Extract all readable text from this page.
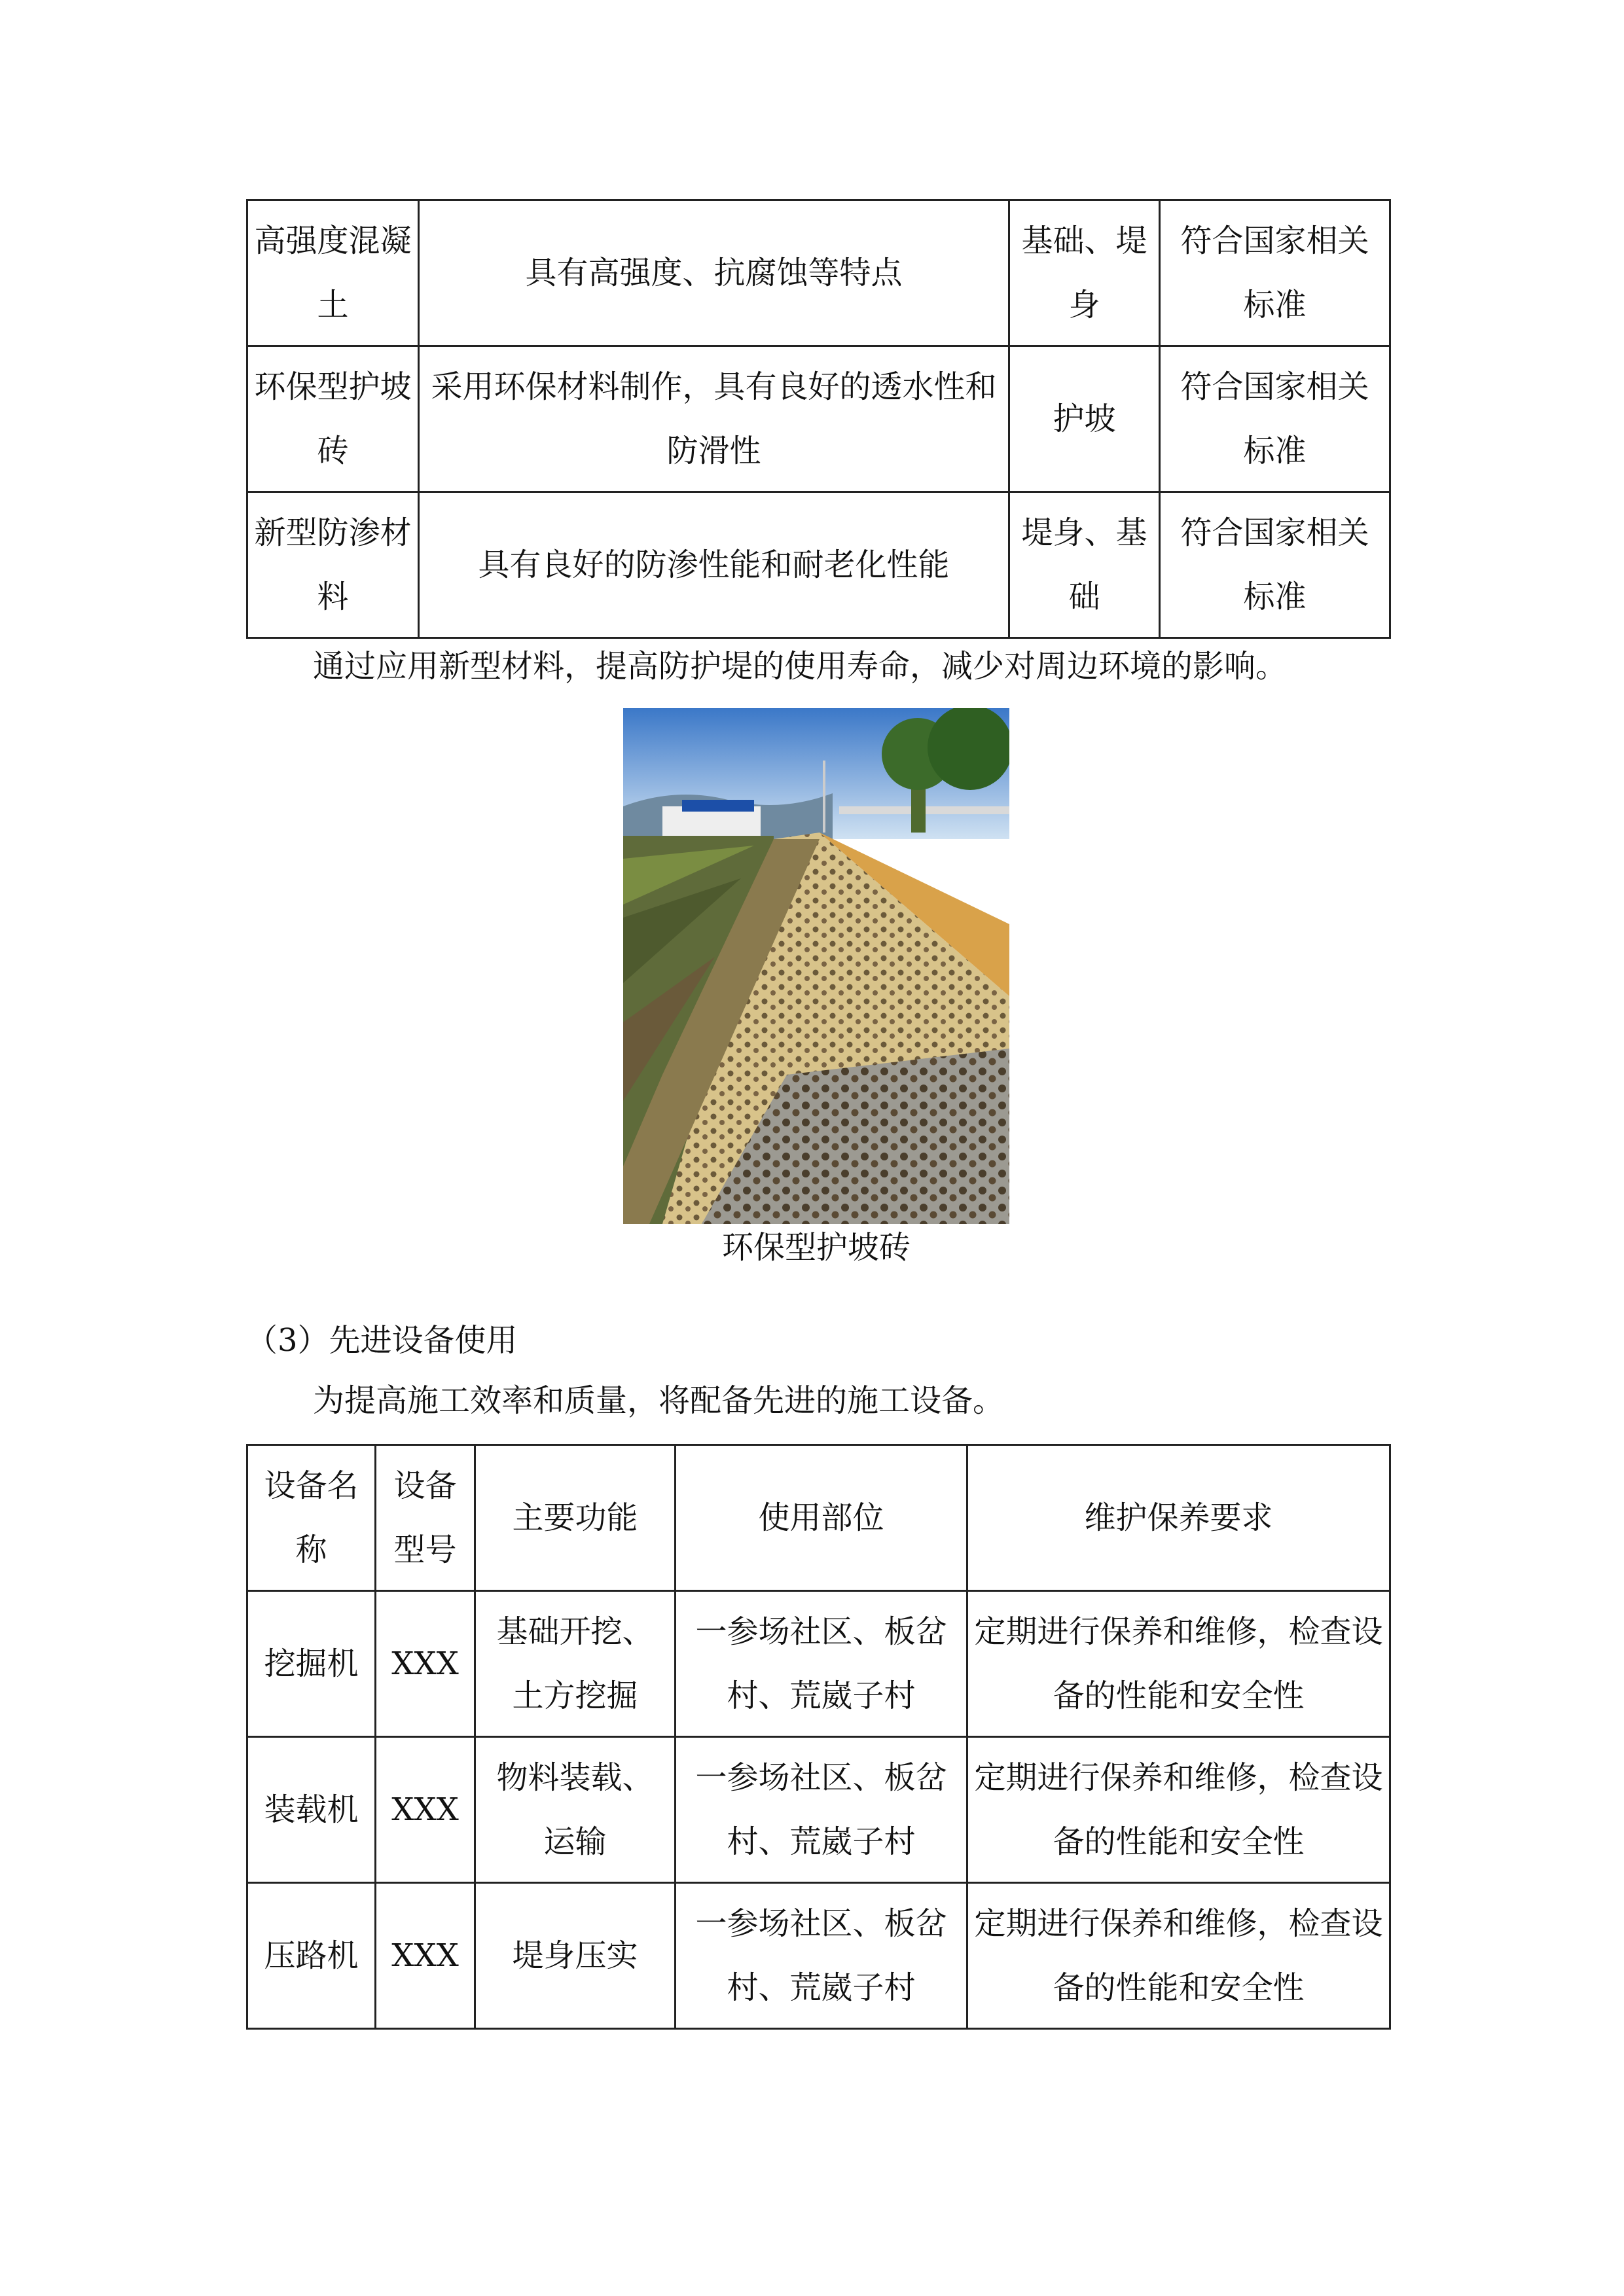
高强度混凝土	具有高强度、抗腐蚀等特点	基础、堤身	符合国家相关标准
环保型护坡砖	采用环保材料制作，具有良好的透水性和防滑性	护坡	符合国家相关标准
新型防渗材料	具有良好的防渗性能和耐老化性能	堤身、基础	符合国家相关标准
通过应用新型材料，提高防护堤的使用寿命，减少对周边环境的影响。
环保型护坡砖
（3）先进设备使用
为提高施工效率和质量，将配备先进的施工设备。
设备名称	设备型号	主要功能	使用部位	维护保养要求
挖掘机	XXX	基础开挖、土方挖掘	一参场社区、板岔村、荒崴子村	定期进行保养和维修，检查设备的性能和安全性
装载机	XXX	物料装载、运输	一参场社区、板岔村、荒崴子村	定期进行保养和维修，检查设备的性能和安全性
压路机	XXX	堤身压实	一参场社区、板岔村、荒崴子村	定期进行保养和维修，检查设备的性能和安全性
